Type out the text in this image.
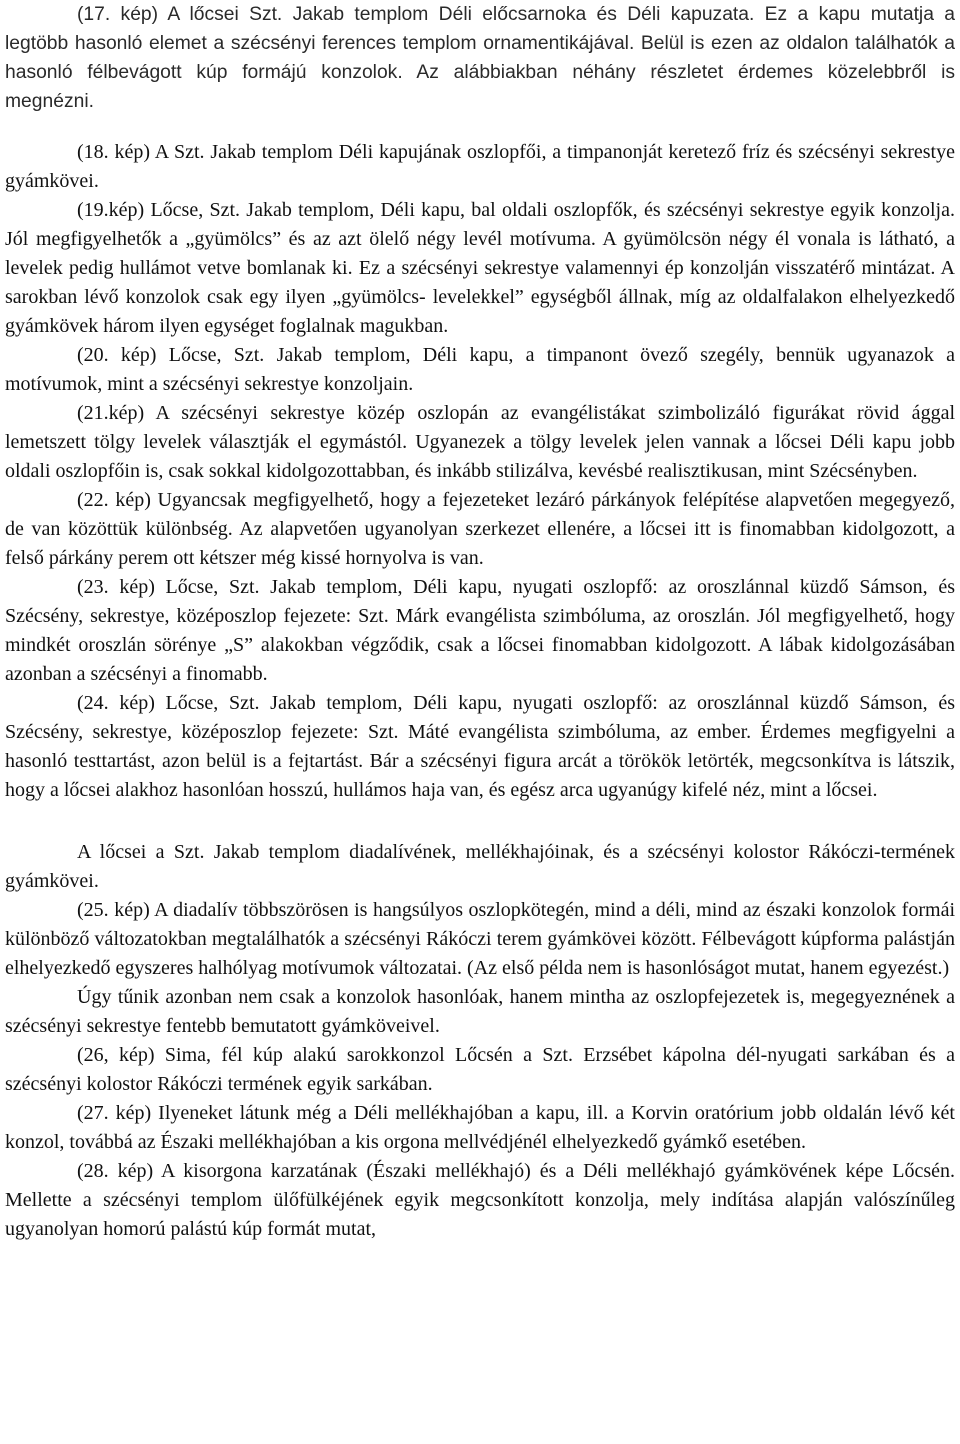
(17. kép) A lőcsei Szt. Jakab templom Déli előcsarnoka és Déli kapuzata. Ez a kapu mutatja a legtöbb hasonló elemet a szécsényi ferences templom ornamentikájával. Belül is ezen az oldalon találhatók a hasonló félbevágott kúp formájú konzolok. Az alábbiakban néhány részletet érdemes közelebbről is megnézni.

(18. kép) A Szt. Jakab templom Déli kapujának oszlopfői, a timpanonját keretező fríz és szécsényi sekrestye gyámkövei.

(19.kép) Lőcse, Szt. Jakab templom, Déli kapu, bal oldali oszlopfők, és szécsényi sekrestye egyik konzolja. Jól megfigyelhetők a „gyümölcs” és az azt ölelő négy levél motívuma. A gyümölcsön négy él vonala is látható, a levelek pedig hullámot vetve bomlanak ki. Ez a szécsényi sekrestye valamennyi ép konzolján visszatérő mintázat. A sarokban lévő konzolok csak egy ilyen „gyümölcs- levelekkel” egységből állnak, míg az oldalfalakon elhelyezkedő gyámkövek három ilyen egységet foglalnak magukban.

(20. kép) Lőcse, Szt. Jakab templom, Déli kapu, a timpanont övező szegély, bennük ugyanazok a motívumok, mint a szécsényi sekrestye konzoljain.

(21.kép) A szécsényi sekrestye közép oszlopán az evangélistákat szimbolizáló figurákat rövid ággal lemetszett tölgy levelek választják el egymástól. Ugyanezek a tölgy levelek jelen vannak a lőcsei Déli kapu jobb oldali oszlopfőin is, csak sokkal kidolgozottabban, és inkább stilizálva, kevésbé realisztikusan, mint Szécsényben.

(22. kép) Ugyancsak megfigyelhető, hogy a fejezeteket lezáró párkányok felépítése alapvetően megegyező, de van közöttük különbség. Az alapvetően ugyanolyan szerkezet ellenére, a lőcsei itt is finomabban kidolgozott, a felső párkány perem ott kétszer még kissé hornyolva is van.

(23. kép) Lőcse, Szt. Jakab templom, Déli kapu, nyugati oszlopfő: az oroszlánnal küzdő Sámson, és Szécsény, sekrestye, középoszlop fejezete: Szt. Márk evangélista szimbóluma, az oroszlán. Jól megfigyelhető, hogy mindkét oroszlán sörénye „S” alakokban végződik, csak a lőcsei finomabban kidolgozott. A lábak kidolgozásában azonban a szécsényi a finomabb.

(24. kép) Lőcse, Szt. Jakab templom, Déli kapu, nyugati oszlopfő: az oroszlánnal küzdő Sámson, és Szécsény, sekrestye, középoszlop fejezete: Szt. Máté evangélista szimbóluma, az ember. Érdemes megfigyelni a hasonló testtartást, azon belül is a fejtartást. Bár a szécsényi figura arcát a törökök letörték, megcsonkítva is látszik, hogy a lőcsei alakhoz hasonlóan hosszú, hullámos haja van, és egész arca ugyanúgy kifelé néz, mint a lőcsei.

A lőcsei a Szt. Jakab templom diadalívének, mellékhajóinak, és a szécsényi kolostor Rákóczi-termének gyámkövei.

(25. kép) A diadalív többszörösen is hangsúlyos oszlopkötegén, mind a déli, mind az északi konzolok formái különböző változatokban megtalálhatók a szécsényi Rákóczi terem gyámkövei között. Félbevágott kúpforma palástján elhelyezkedő egyszeres halhólyag motívumok változatai. (Az első példa nem is hasonlóságot mutat, hanem egyezést.)

Úgy tűnik azonban nem csak a konzolok hasonlóak, hanem mintha az oszlopfejezetek is, megegyeznének a szécsényi sekrestye fentebb bemutatott gyámköveivel.

(26, kép) Sima, fél kúp alakú sarokkonzol Lőcsén a Szt. Erzsébet kápolna dél-nyugati sarkában és a szécsényi kolostor Rákóczi termének egyik sarkában.

(27. kép) Ilyeneket látunk még a Déli mellékhajóban a kapu, ill. a Korvin oratórium jobb oldalán lévő két konzol, továbbá az Északi mellékhajóban a kis orgona mellvédjénél elhelyezkedő gyámkő esetében.

(28. kép) A kisorgona karzatának (Északi mellékhajó) és a Déli mellékhajó gyámkövének képe Lőcsén. Mellette a szécsényi templom ülőfülkéjének egyik megcsonkított konzolja, mely indítása alapján valószínűleg ugyanolyan homorú palástú kúp formát mutat,
